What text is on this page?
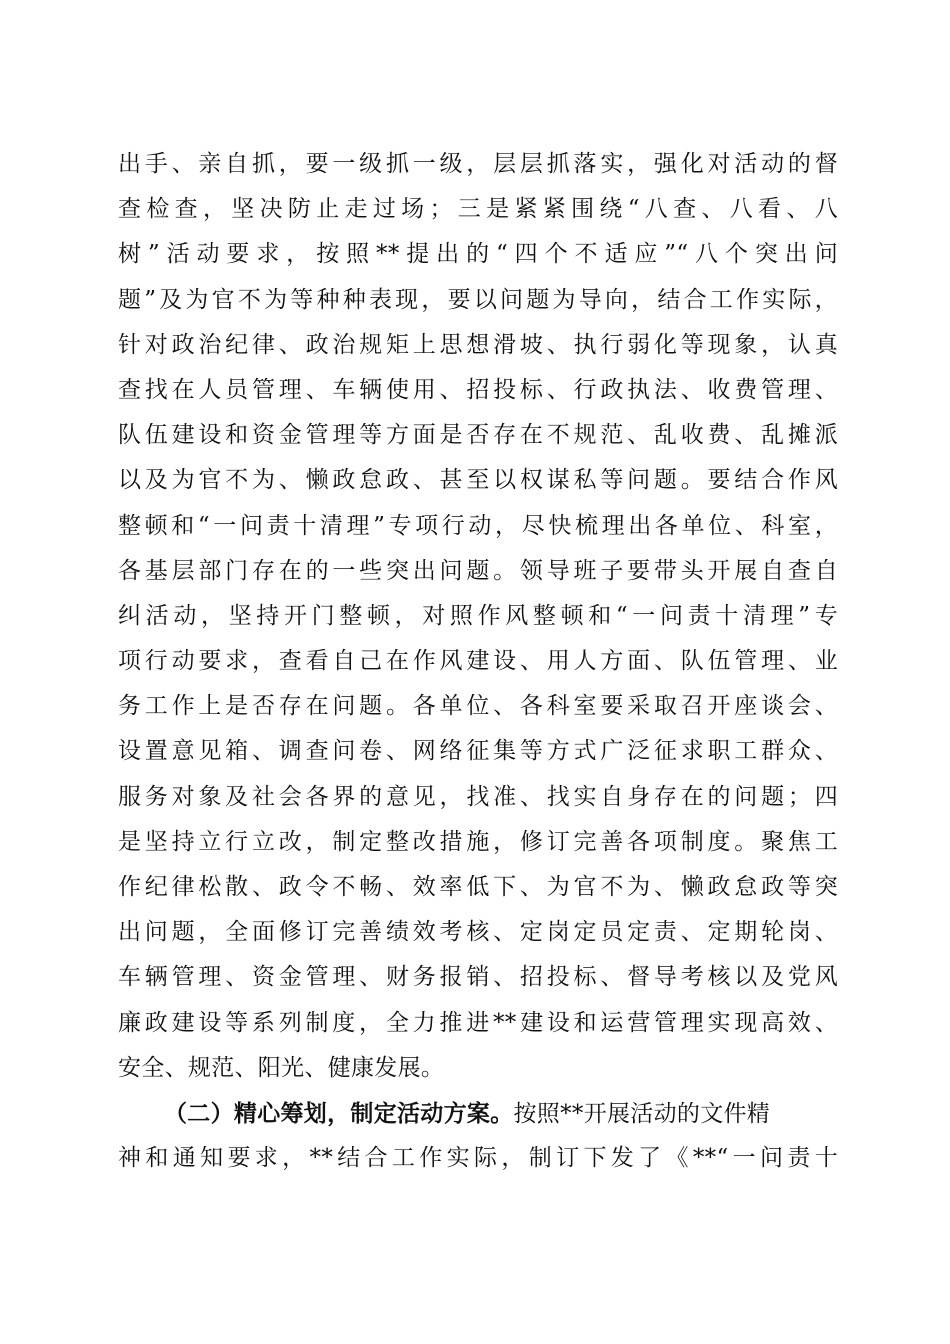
出手、亲自抓，要一级抓一级，层层抓落实，强化对活动的督
查检查，坚决防止走过场；三是紧紧围绕“八查、八看、八
树”活动要求，按照**提出的“四个不适应”“八个突出问
题”及为官不为等种种表现，要以问题为导向，结合工作实际，
针对政治纪律、政治规矩上思想滑坡、执行弱化等现象，认真
查找在人员管理、车辆使用、招投标、行政执法、收费管理、
队伍建设和资金管理等方面是否存在不规范、乱收费、乱摊派
以及为官不为、懒政怠政、甚至以权谋私等问题。要结合作风
整顿和“一问责十清理”专项行动，尽快梳理出各单位、科室，
各基层部门存在的一些突出问题。领导班子要带头开展自查自
纠活动，坚持开门整顿，对照作风整顿和“一问责十清理”专
项行动要求，查看自己在作风建设、用人方面、队伍管理、业
务工作上是否存在问题。各单位、各科室要采取召开座谈会、
设置意见箱、调查问卷、网络征集等方式广泛征求职工群众、
服务对象及社会各界的意见，找准、找实自身存在的问题；四
是坚持立行立改，制定整改措施，修订完善各项制度。聚焦工
作纪律松散、政令不畅、效率低下、为官不为、懒政怠政等突
出问题，全面修订完善绩效考核、定岗定员定责、定期轮岗、
车辆管理、资金管理、财务报销、招投标、督导考核以及党风
廉政建设等系列制度，全力推进**建设和运营管理实现高效、
安全、规范、阳光、健康发展。
（二）精心筹划，制定活动方案。按照**开展活动的文件精
神和通知要求，**结合工作实际，制订下发了《**“一问责十
